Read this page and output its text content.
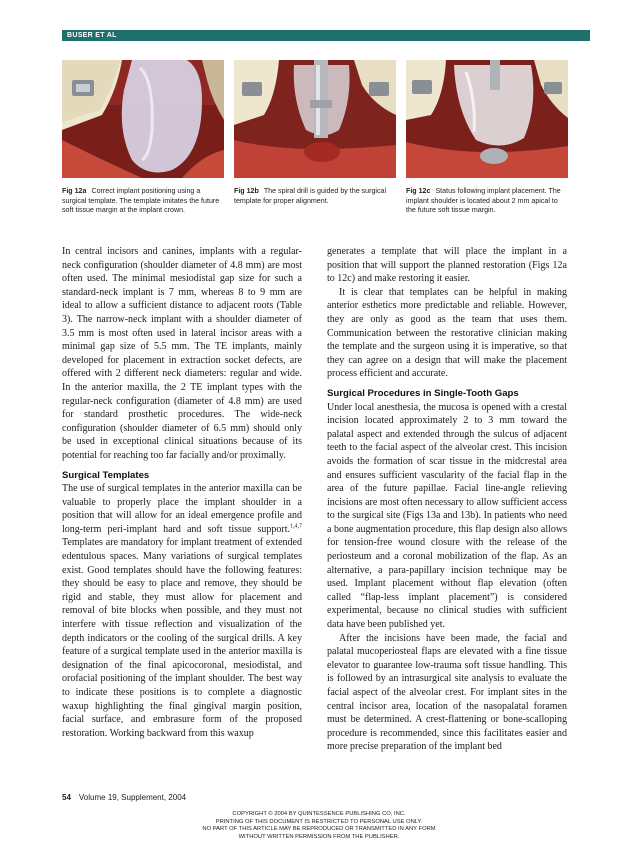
BUSER ET AL
Fig 12a Correct implant positioning using a surgical template. The template imitates the future soft tissue margin at the implant crown.
Fig 12b The spiral drill is guided by the surgical template for proper alignment.
Fig 12c Status following implant placement. The implant shoulder is located about 2 mm apical to the future soft tissue margin.

In central incisors and canines, implants with a regular-neck configuration (shoulder diameter of 4.8 mm) are most often used. The minimal mesiodistal gap size for such a standard-neck implant is 7 mm, whereas 8 to 9 mm are ideal to allow a sufficient distance to adjacent roots (Table 3). The narrow-neck implant with a shoulder diameter of 3.5 mm is most often used in lateral incisor areas with a minimal gap size of 5.5 mm. The TE implants, mainly developed for placement in extraction socket defects, are offered with 2 different neck diameters: regular and wide. In the anterior maxilla, the 2 TE implant types with the regular-neck configuration (diameter of 4.8 mm) are used for standard prosthetic procedures. The wide-neck configuration (shoulder diameter of 6.5 mm) should only be used in exceptional clinical situations because of its potential for reaching too far facially and/or proximally.

Surgical Templates

The use of surgical templates in the anterior maxilla can be valuable to properly place the implant shoulder in a position that will allow for an ideal emergence profile and long-term peri-implant hard and soft tissue support.$^{1,4,7}$ Templates are mandatory for implant treatment of extended edentulous spaces. Many variations of surgical templates exist. Good templates should have the following features: they should be easy to place and remove, they should be rigid and stable, they must allow for placement and removal of bite blocks when possible, and they must not interfere with tissue reflection and visualization of the depth indicators or the cooling of the surgical drills. A key feature of a surgical template used in the anterior maxilla is designation of the final apicocoronal, mesiodistal, and orofacial positioning of the implant shoulder. The best way to indicate these positions is to complete a diagnostic waxup highlighting the final gingival margin position, facial surface, and embrasure form of the proposed restoration. Working backward from this waxup

generates a template that will place the implant in a position that will support the planned restoration (Figs 12a to 12c) and make restoring it easier.

It is clear that templates can be helpful in making anterior esthetics more predictable and reliable. However, they are only as good as the team that uses them. Communication between the restorative clinician making the template and the surgeon using it is imperative, so that they can agree on a design that will make the placement process efficient and accurate.

Surgical Procedures in Single-Tooth Gaps

Under local anesthesia, the mucosa is opened with a crestal incision located approximately 2 to 3 mm toward the palatal aspect and extended through the sulcus of adjacent teeth to the facial aspect of the alveolar crest. This incision avoids the formation of scar tissue in the midcrestal area and ensures sufficient vascularity of the facial flap in the area of the future papillae. Facial line-angle relieving incisions are most often necessary to allow sufficient access to the surgical site (Figs 13a and 13b). In patients who need a bone augmentation procedure, this flap design also allows for tension-free wound closure with the release of the periosteum and a coronal mobilization of the flap. As an alternative, a para-papillary incision technique may be used. Implant placement without flap elevation (often called “flap-less implant placement”) is considered experimental, because no clinical studies with sufficient data have been published yet.

After the incisions have been made, the facial and palatal mucoperiosteal flaps are elevated with a fine tissue elevator to guarantee low-trauma soft tissue handling. This is followed by an intrasurgical site analysis to evaluate the facial aspect of the alveolar crest. For implant sites in the central incisor area, location of the nasopalatal foramen must be determined. A crest-flattening or bone-scalloping procedure is recommended, since this facilitates easier and more precise preparation of the implant bed

54 Volume 19, Supplement, 2004
COPYRIGHT © 2004 BY QUINTESSENCE PUBLISHING CO, INC.
PRINTING OF THIS DOCUMENT IS RESTRICTED TO PERSONAL USE ONLY.
NO PART OF THIS ARTICLE MAY BE REPRODUCED OR TRANSMITTED IN ANY FORM
WITHOUT WRITTEN PERMISSION FROM THE PUBLISHER.
